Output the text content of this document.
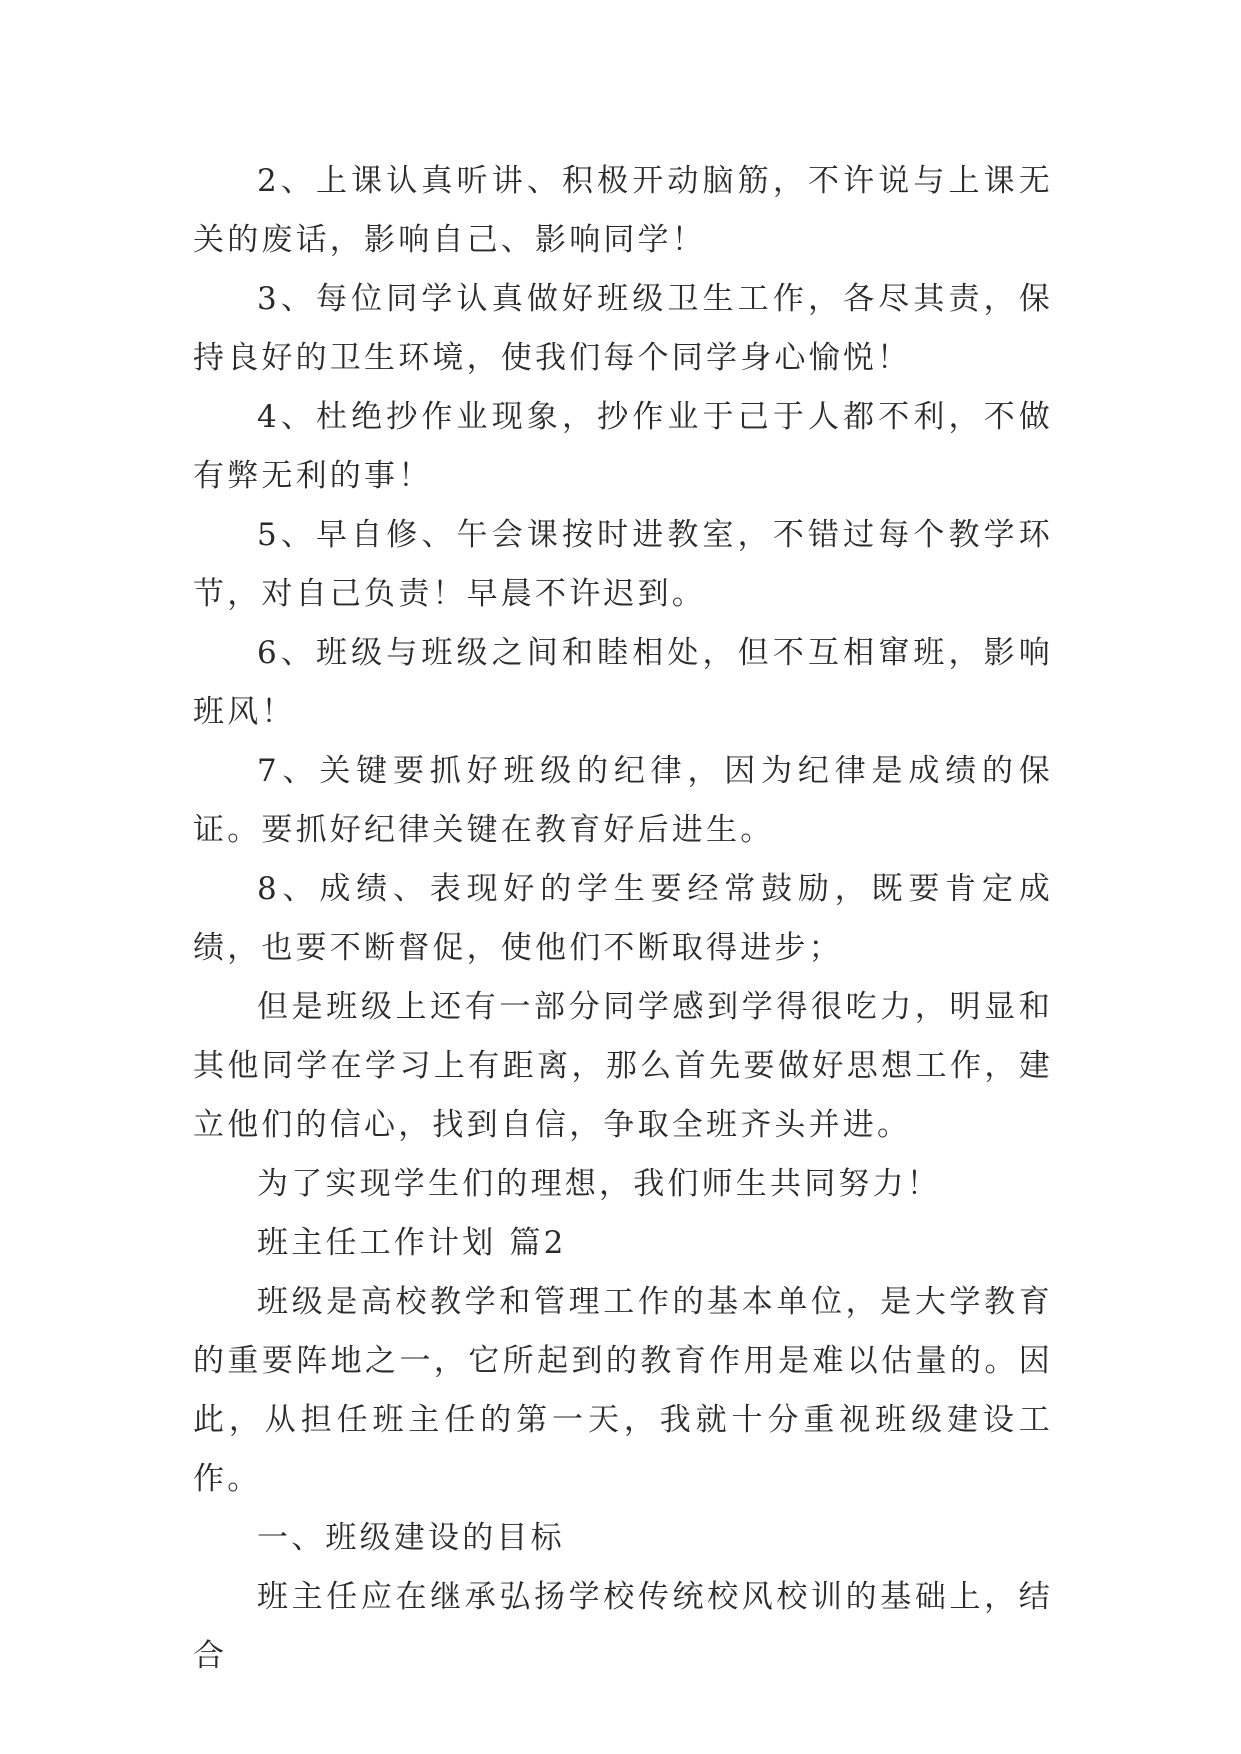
2、上课认真听讲、积极开动脑筋，不许说与上课无关的废话，影响自己、影响同学！

3、每位同学认真做好班级卫生工作，各尽其责，保持良好的卫生环境，使我们每个同学身心愉悦！

4、杜绝抄作业现象，抄作业于己于人都不利，不做有弊无利的事！

5、早自修、午会课按时进教室，不错过每个教学环节，对自己负责！早晨不许迟到。

6、班级与班级之间和睦相处，但不互相窜班，影响班风！

7、关键要抓好班级的纪律，因为纪律是成绩的保证。要抓好纪律关键在教育好后进生。

8、成绩、表现好的学生要经常鼓励，既要肯定成绩，也要不断督促，使他们不断取得进步；

但是班级上还有一部分同学感到学得很吃力，明显和其他同学在学习上有距离，那么首先要做好思想工作，建立他们的信心，找到自信，争取全班齐头并进。

为了实现学生们的理想，我们师生共同努力！

班主任工作计划 篇2

班级是高校教学和管理工作的基本单位，是大学教育的重要阵地之一，它所起到的教育作用是难以估量的。因此，从担任班主任的第一天，我就十分重视班级建设工作。

一、班级建设的目标

班主任应在继承弘扬学校传统校风校训的基础上，结合
